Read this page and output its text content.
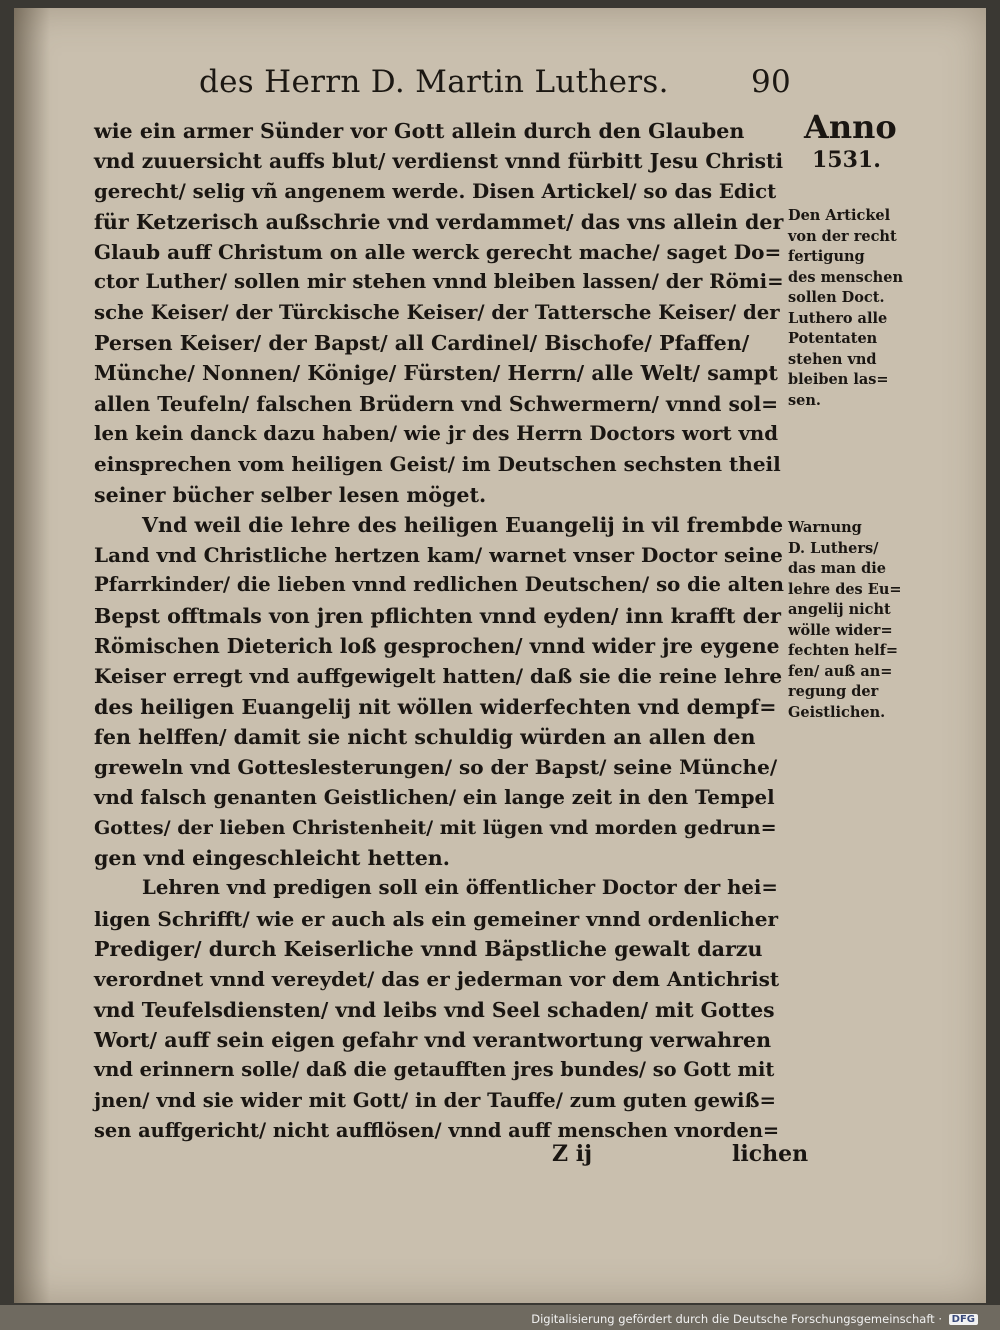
des Herrn D. Martin Luthers.	90
Anno
1531.
Den Artickel
von der recht
fertigung
des menschen
sollen Doct.
Luthero alle
Potentaten
stehen vnd
bleiben las=
sen.
Warnung
D. Luthers/
das man die
lehre des Eu=
angelij nicht
wölle wider=
fechten helf=
fen/ auß an=
regung der
Geistlichen.
wie ein armer Sünder vor Gott allein durch den Glauben
vnd zuuersicht auffs blut/ verdienst vnnd fürbitt Jesu Christi
gerecht/ selig vñ angenem werde. Disen Artickel/ so das Edict
für Ketzerisch außschrie vnd verdammet/ das vns allein der
Glaub auff Christum on alle werck gerecht mache/ saget Do=
ctor Luther/ sollen mir stehen vnnd bleiben lassen/ der Römi=
sche Keiser/ der Türckische Keiser/ der Tattersche Keiser/ der
Persen Keiser/ der Bapst/ all Cardinel/ Bischofe/ Pfaffen/
Münche/ Nonnen/ Könige/ Fürsten/ Herrn/ alle Welt/ sampt
allen Teufeln/ falschen Brüdern vnd Schwermern/ vnnd sol=
len kein danck dazu haben/ wie jr des Herrn Doctors wort vnd
einsprechen vom heiligen Geist/ im Deutschen sechsten theil
seiner bücher selber lesen möget.
Vnd weil die lehre des heiligen Euangelij in vil frembde
Land vnd Christliche hertzen kam/ warnet vnser Doctor seine
Pfarrkinder/ die lieben vnnd redlichen Deutschen/ so die alten
Bepst offtmals von jren pflichten vnnd eyden/ inn krafft der
Römischen Dieterich loß gesprochen/ vnnd wider jre eygene
Keiser erregt vnd auffgewigelt hatten/ daß sie die reine lehre
des heiligen Euangelij nit wöllen widerfechten vnd dempf=
fen helffen/ damit sie nicht schuldig würden an allen den
greweln vnd Gotteslesterungen/ so der Bapst/ seine Münche/
vnd falsch genanten Geistlichen/ ein lange zeit in den Tempel
Gottes/ der lieben Christenheit/ mit lügen vnd morden gedrun=
gen vnd eingeschleicht hetten.
Lehren vnd predigen soll ein öffentlicher Doctor der hei=
ligen Schrifft/ wie er auch als ein gemeiner vnnd ordenlicher
Prediger/ durch Keiserliche vnnd Bäpstliche gewalt darzu
verordnet vnnd vereydet/ das er jederman vor dem Antichrist
vnd Teufelsdiensten/ vnd leibs vnd Seel schaden/ mit Gottes
Wort/ auff sein eigen gefahr vnd verantwortung verwahren
vnd erinnern solle/ daß die getaufften jres bundes/ so Gott mit
jnen/ vnd sie wider mit Gott/ in der Tauffe/ zum guten gewiß=
sen auffgericht/ nicht aufflösen/ vnnd auff menschen vnorden=
Z ij	lichen
Digitalisierung gefördert durch die Deutsche Forschungsgemeinschaft · DFG
